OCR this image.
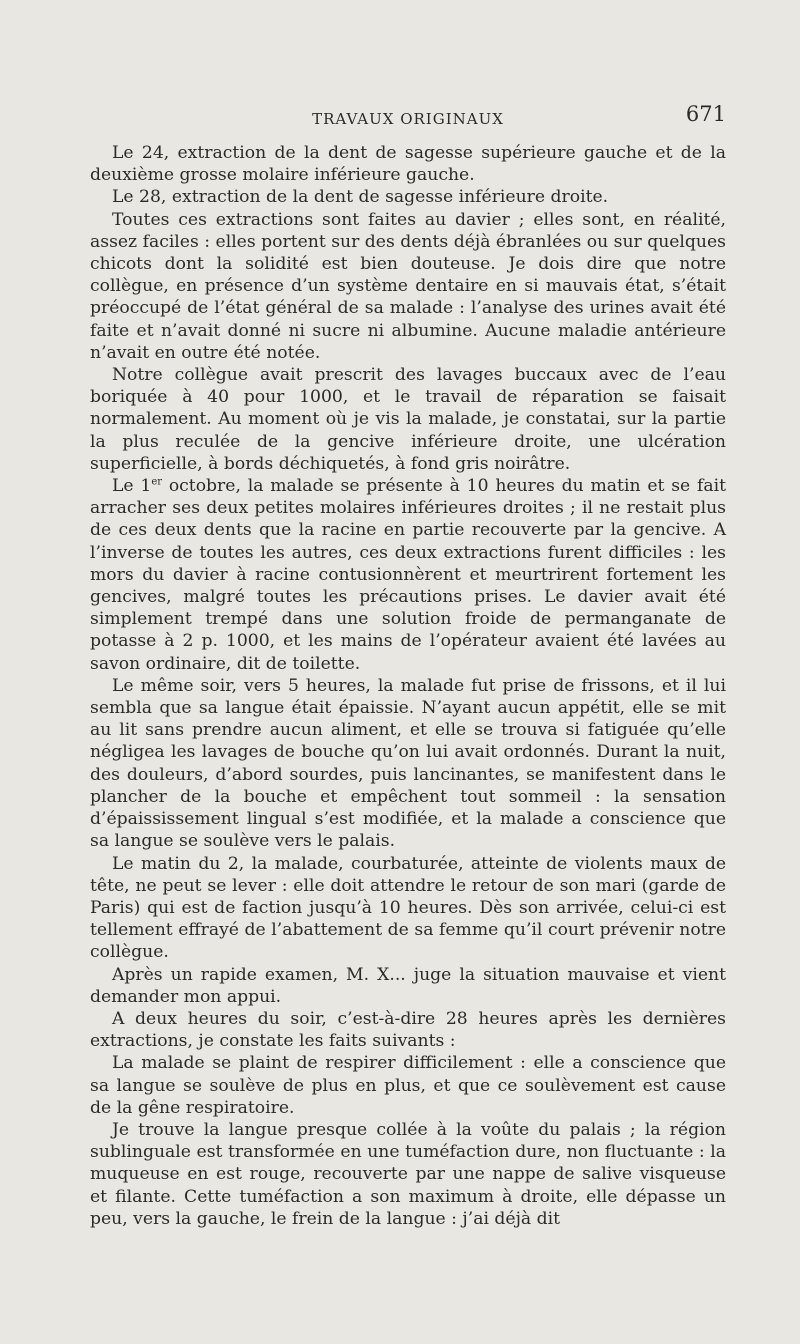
TRAVAUX ORIGINAUX	671

Le 24, extraction de la dent de sagesse supérieure gauche et de la deuxième grosse molaire inférieure gauche.

Le 28, extraction de la dent de sagesse inférieure droite.

Toutes ces extractions sont faites au davier ; elles sont, en réalité, assez faciles : elles portent sur des dents déjà ébranlées ou sur quelques chicots dont la solidité est bien douteuse. Je dois dire que notre collègue, en présence d’un système dentaire en si mauvais état, s’était préoccupé de l’état général de sa malade : l’analyse des urines avait été faite et n’avait donné ni sucre ni albumine. Aucune maladie antérieure n’avait en outre été notée.

Notre collègue avait prescrit des lavages buccaux avec de l’eau boriquée à 40 pour 1000, et le travail de réparation se faisait normalement. Au moment où je vis la malade, je constatai, sur la partie la plus reculée de la gencive inférieure droite, une ulcération superficielle, à bords déchiquetés, à fond gris noirâtre.

Le 1er octobre, la malade se présente à 10 heures du matin et se fait arracher ses deux petites molaires inférieures droites ; il ne restait plus de ces deux dents que la racine en partie recouverte par la gencive. A l’inverse de toutes les autres, ces deux extractions furent difficiles : les mors du davier à racine contusionnèrent et meurtrirent fortement les gencives, malgré toutes les précautions prises. Le davier avait été simplement trempé dans une solution froide de permanganate de potasse à 2 p. 1000, et les mains de l’opérateur avaient été lavées au savon ordinaire, dit de toilette.

Le même soir, vers 5 heures, la malade fut prise de frissons, et il lui sembla que sa langue était épaissie. N’ayant aucun appétit, elle se mit au lit sans prendre aucun aliment, et elle se trouva si fatiguée qu’elle négligea les lavages de bouche qu’on lui avait ordonnés. Durant la nuit, des douleurs, d’abord sourdes, puis lancinantes, se manifestent dans le plancher de la bouche et empêchent tout sommeil : la sensation d’épaississement lingual s’est modifiée, et la malade a conscience que sa langue se soulève vers le palais.

Le matin du 2, la malade, courbaturée, atteinte de violents maux de tête, ne peut se lever : elle doit attendre le retour de son mari (garde de Paris) qui est de faction jusqu’à 10 heures. Dès son arrivée, celui-ci est tellement effrayé de l’abattement de sa femme qu’il court prévenir notre collègue.

Après un rapide examen, M. X... juge la situation mauvaise et vient demander mon appui.

A deux heures du soir, c’est-à-dire 28 heures après les dernières extractions, je constate les faits suivants :

La malade se plaint de respirer difficilement : elle a conscience que sa langue se soulève de plus en plus, et que ce soulèvement est cause de la gêne respiratoire.

Je trouve la langue presque collée à la voûte du palais ; la région sublinguale est transformée en une tuméfaction dure, non fluctuante : la muqueuse en est rouge, recouverte par une nappe de salive visqueuse et filante. Cette tuméfaction a son maximum à droite, elle dépasse un peu, vers la gauche, le frein de la langue : j’ai déjà dit
